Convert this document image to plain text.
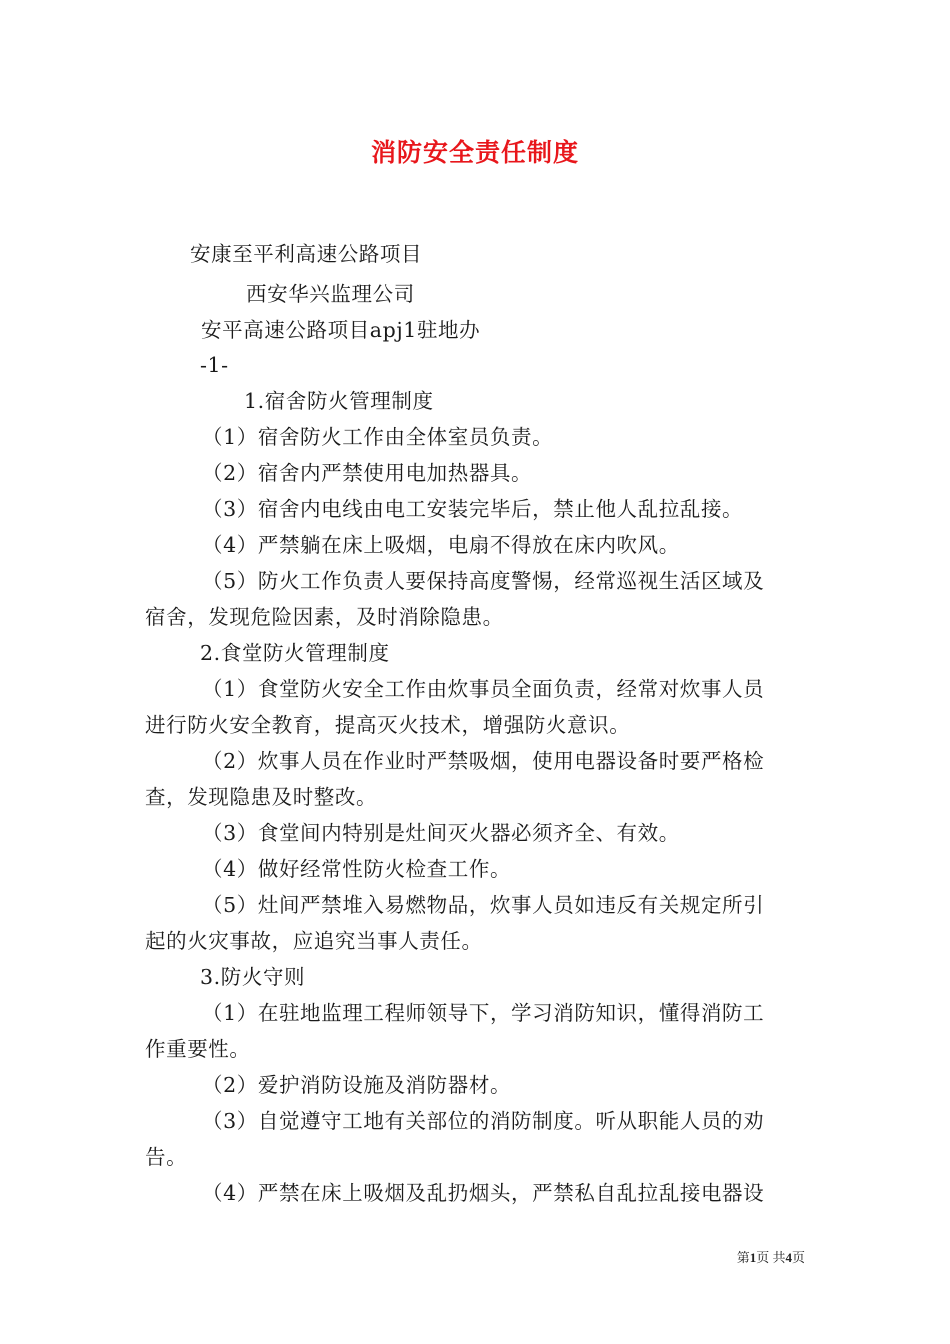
消防安全责任制度
安康至平利高速公路项目
西安华兴监理公司
安平高速公路项目apj1驻地办
-1-
1.宿舍防火管理制度
（1）宿舍防火工作由全体室员负责。
（2）宿舍内严禁使用电加热器具。
（3）宿舍内电线由电工安装完毕后，禁止他人乱拉乱接。
（4）严禁躺在床上吸烟，电扇不得放在床内吹风。
（5）防火工作负责人要保持高度警惕，经常巡视生活区域及
宿舍，发现危险因素，及时消除隐患。
2.食堂防火管理制度
（1）食堂防火安全工作由炊事员全面负责，经常对炊事人员
进行防火安全教育，提高灭火技术，增强防火意识。
（2）炊事人员在作业时严禁吸烟，使用电器设备时要严格检
查，发现隐患及时整改。
（3）食堂间内特别是灶间灭火器必须齐全、有效。
（4）做好经常性防火检查工作。
（5）灶间严禁堆入易燃物品，炊事人员如违反有关规定所引
起的火灾事故，应追究当事人责任。
3.防火守则
（1）在驻地监理工程师领导下，学习消防知识，懂得消防工
作重要性。
（2）爱护消防设施及消防器材。
（3）自觉遵守工地有关部位的消防制度。听从职能人员的劝
告。
（4）严禁在床上吸烟及乱扔烟头，严禁私自乱拉乱接电器设
第1页 共4页
